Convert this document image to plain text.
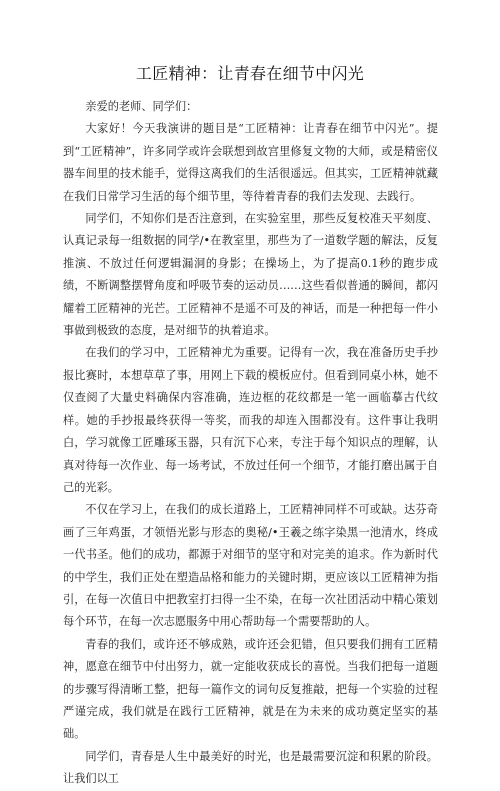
工匠精神：让青春在细节中闪光

亲爱的老师、同学们：

大家好！今天我演讲的题目是“工匠精神：让青春在细节中闪光”。提到“工匠精神”，许多同学或许会联想到故宫里修复文物的大师，或是精密仪器车间里的技术能手，觉得这离我们的生活很遥远。但其实，工匠精神就藏在我们日常学习生活的每个细节里，等待着青春的我们去发现、去践行。

同学们，不知你们是否注意到，在实验室里，那些反复校准天平刻度、认真记录每一组数据的同学/•在教室里，那些为了一道数学题的解法，反复推演、不放过任何逻辑漏洞的身影；在操场上，为了提高0.1秒的跑步成绩，不断调整摆臂角度和呼吸节奏的运动员……这些看似普通的瞬间，都闪耀着工匠精神的光芒。工匠精神不是遥不可及的神话，而是一种把每一件小事做到极致的态度，是对细节的执着追求。

在我们的学习中，工匠精神尤为重要。记得有一次，我在准备历史手抄报比赛时，本想草草了事，用网上下载的模板应付。但看到同桌小林，她不仅查阅了大量史料确保内容准确，连边框的花纹都是一笔一画临摹古代纹样。她的手抄报最终获得一等奖，而我的却连入围都没有。这件事让我明白，学习就像工匠雕琢玉器，只有沉下心来，专注于每个知识点的理解，认真对待每一次作业、每一场考试，不放过任何一个细节，才能打磨出属于自己的光彩。

不仅在学习上，在我们的成长道路上，工匠精神同样不可或缺。达芬奇画了三年鸡蛋，才领悟光影与形态的奥秘/•王羲之练字染黑一池清水，终成一代书圣。他们的成功，都源于对细节的坚守和对完美的追求。作为新时代的中学生，我们正处在塑造品格和能力的关键时期，更应该以工匠精神为指引，在每一次值日中把教室打扫得一尘不染，在每一次社团活动中精心策划每个环节，在每一次志愿服务中用心帮助每一个需要帮助的人。

青春的我们，或许还不够成熟，或许还会犯错，但只要我们拥有工匠精神，愿意在细节中付出努力，就一定能收获成长的喜悦。当我们把每一道题的步骤写得清晰工整，把每一篇作文的词句反复推敲，把每一个实验的过程严谨完成，我们就是在践行工匠精神，就是在为未来的成功奠定坚实的基础。

同学们，青春是人生中最美好的时光，也是最需要沉淀和积累的阶段。让我们以工
